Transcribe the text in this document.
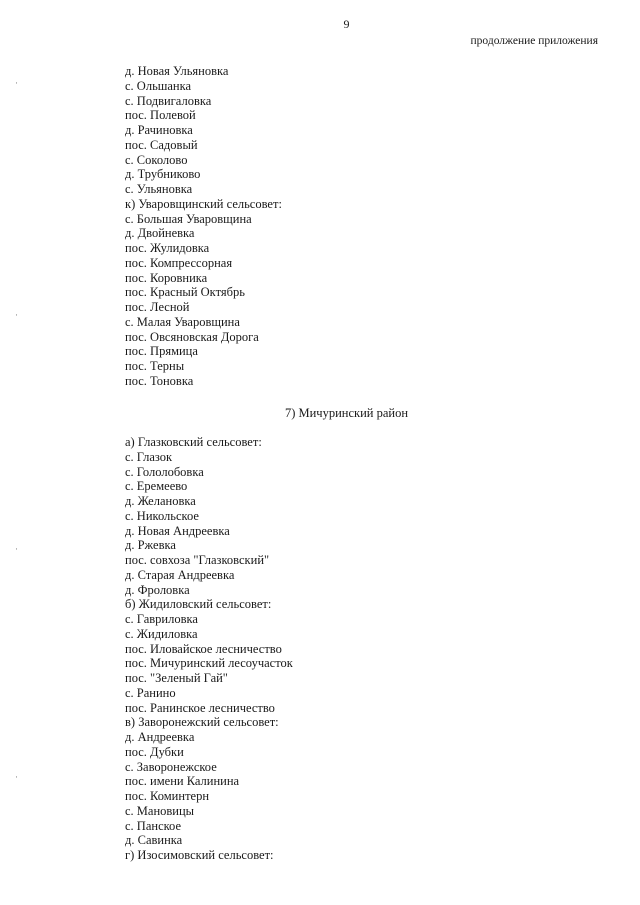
9
продолжение приложения
·
·
·
·
д. Новая Ульяновка
с. Ольшанка
с. Подвигаловка
пос. Полевой
д. Рачиновка
пос. Садовый
с. Соколово
д. Трубниково
с. Ульяновка
к) Уваровщинский сельсовет:
с. Большая Уваровщина
д. Двойневка
пос. Жулидовка
пос. Компрессорная
пос. Коровника
пос. Красный Октябрь
пос. Лесной
с. Малая Уваровщина
пос. Овсяновская Дорога
пос. Прямица
пос. Терны
пос. Тоновка
7) Мичуринский район
а) Глазковский сельсовет:
с. Глазок
с. Гололобовка
с. Еремеево
д. Желановка
с. Никольское
д. Новая Андреевка
д. Ржевка
пос. совхоза "Глазковский"
д. Старая Андреевка
д. Фроловка
б) Жидиловский сельсовет:
с. Гавриловка
с. Жидиловка
пос. Иловайское лесничество
пос. Мичуринский лесоучасток
пос. "Зеленый Гай"
с. Ранино
пос. Ранинское лесничество
в) Заворонежский сельсовет:
д. Андреевка
пос. Дубки
с. Заворонежское
пос. имени Калинина
пос. Коминтерн
с. Мановицы
с. Панское
д. Савинка
г) Изосимовский сельсовет:
